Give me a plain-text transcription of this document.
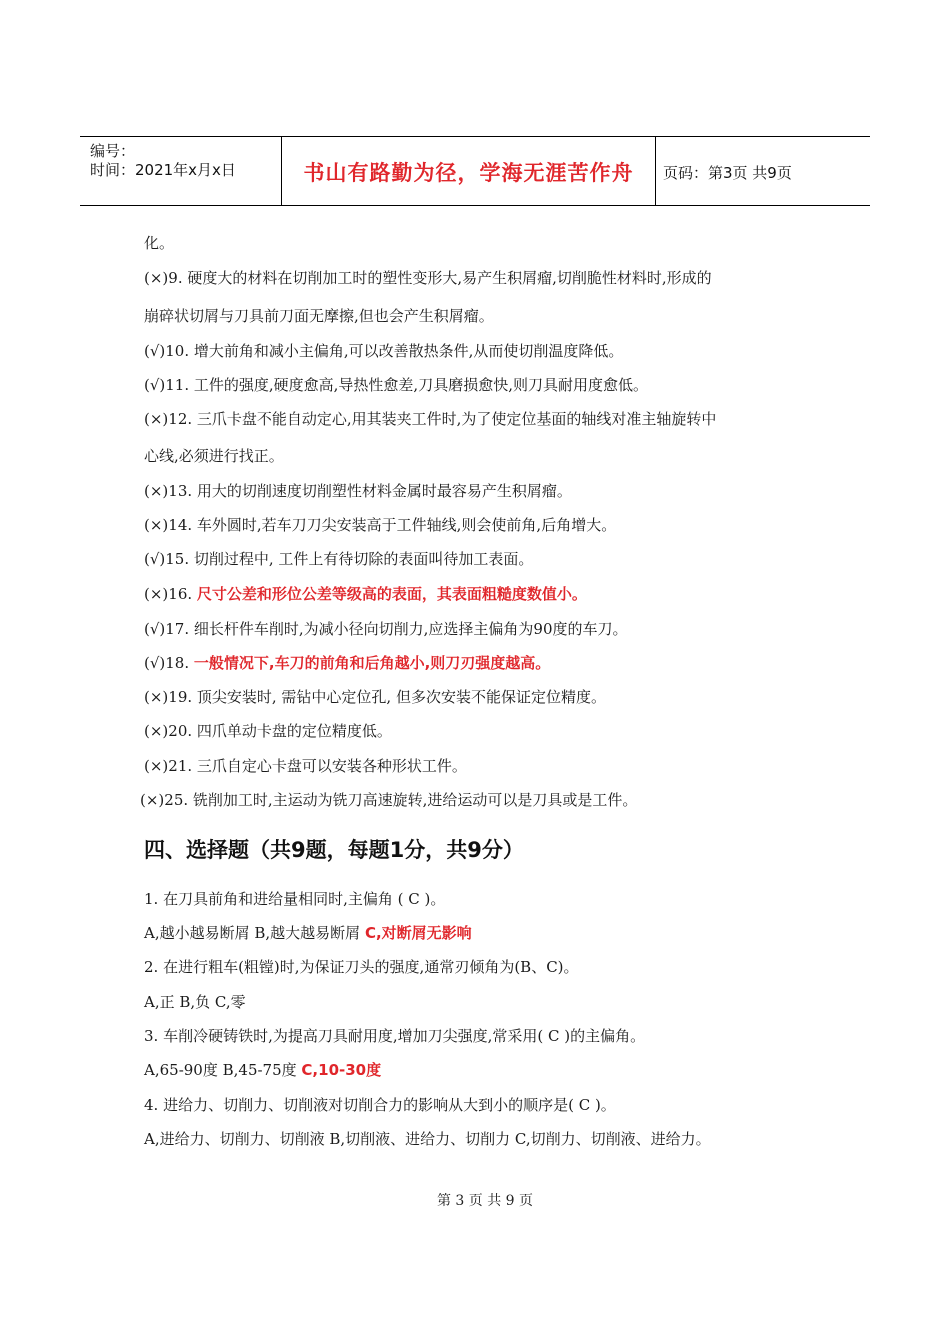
编号：
时间：2021年x月x日	书山有路勤为径，学海无涯苦作舟	页码：第3页 共9页
化。
(×)9. 硬度大的材料在切削加工时的塑性变形大,易产生积屑瘤,切削脆性材料时,形成的
崩碎状切屑与刀具前刀面无摩擦,但也会产生积屑瘤。
(√)10. 增大前角和减小主偏角,可以改善散热条件,从而使切削温度降低。
(√)11. 工件的强度,硬度愈高,导热性愈差,刀具磨损愈快,则刀具耐用度愈低。
(×)12. 三爪卡盘不能自动定心,用其装夹工件时,为了使定位基面的轴线对准主轴旋转中
心线,必须进行找正。
(×)13. 用大的切削速度切削塑性材料金属时最容易产生积屑瘤。
(×)14. 车外圆时,若车刀刀尖安装高于工件轴线,则会使前角,后角增大。
(√)15. 切削过程中, 工件上有待切除的表面叫待加工表面。
(×)16. 尺寸公差和形位公差等级高的表面，其表面粗糙度数值小。
(√)17. 细长杆件车削时,为减小径向切削力,应选择主偏角为90度的车刀。
(√)18. 一般情况下,车刀的前角和后角越小,则刀刃强度越高。
(×)19. 顶尖安装时, 需钻中心定位孔, 但多次安装不能保证定位精度。
(×)20. 四爪单动卡盘的定位精度低。
(×)21. 三爪自定心卡盘可以安装各种形状工件。
(×)25. 铣削加工时,主运动为铣刀高速旋转,进给运动可以是刀具或是工件。
四、选择题（共9题，每题1分，共9分）
1. 在刀具前角和进给量相同时,主偏角 ( C )。
A,越小越易断屑 B,越大越易断屑 C,对断屑无影响
2. 在进行粗车(粗镗)时,为保证刀头的强度,通常刃倾角为(B、C)。
A,正 B,负 C,零
3. 车削冷硬铸铁时,为提高刀具耐用度,增加刀尖强度,常采用( C )的主偏角。
A,65-90度 B,45-75度 C,10-30度
4. 进给力、切削力、切削液对切削合力的影响从大到小的顺序是( C )。
A,进给力、切削力、切削液 B,切削液、进给力、切削力 C,切削力、切削液、进给力。
第 3 页 共 9 页
